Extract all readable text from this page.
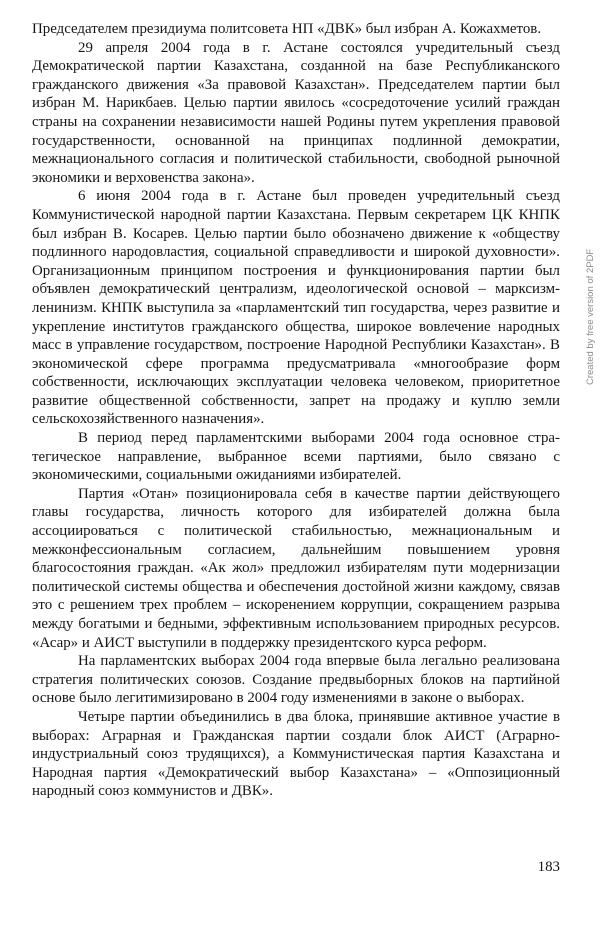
Председателем президиума политсовета НП «ДВК» был избран А. Кожахметов.

29 апреля 2004 года в г. Астане состоялся учредительный съезд Демократической партии Казахстана, созданной на базе Республиканского гражданского движения «За правовой Казахстан». Председателем партии был избран М. Нарикбаев. Целью партии явилось «сосредоточение усилий граждан страны на сохранении независимости нашей Родины путем укрепления правовой государственности, основанной на принципах подлинной демократии, межнационального согласия и политической стабильности, свободной рыночной экономики и верховенства закона».

6 июня 2004 года в г. Астане был проведен учредительный съезд Коммунистической народной партии Казахстана. Первым секретарем ЦК КНПК был избран В. Косарев. Целью партии было обозначено движение к «обществу подлинного народовластия, социальной справедливости и широкой духовности». Организационным принципом построения и функционирования партии был объявлен демократический централизм, идеологической основой – марксизм-ленинизм. КНПК выступила за «парламентский тип государства, через развитие и укрепление институтов гражданского общества, широкое вовлечение народных масс в управление государством, построение Народной Республики Казахстан». В экономической сфере программа предусматривала «многообразие форм собственности, исключающих эксплуатации человека человеком, приоритетное развитие общественной собственности, запрет на продажу и куплю земли сельскохозяйственного назначения».

В период перед парламентскими выборами 2004 года основное стратегическое направление, выбранное всеми партиями, было связано с экономическими, социальными ожиданиями избирателей.

Партия «Отан» позиционировала себя в качестве партии действующего главы государства, личность которого для избирателей должна была ассоциироваться с политической стабильностью, межнациональным и межконфессиональным согласием, дальнейшим повышением уровня благосостояния граждан. «Ак жол» предложил избирателям пути модернизации политической системы общества и обеспечения достойной жизни каждому, связав это с решением трех проблем – искоренением коррупции, сокращением разрыва между богатыми и бедными, эффективным использованием природных ресурсов. «Асар» и АИСТ выступили в поддержку президентского курса реформ.

На парламентских выборах 2004 года впервые была легально реализована стратегия политических союзов. Создание предвыборных блоков на партийной основе было легитимизировано в 2004 году изменениями в законе о выборах.

Четыре партии объединились в два блока, принявшие активное участие в выборах: Аграрная и Гражданская партии создали блок АИСТ (Аграрно-индустриальный союз трудящихся), а Коммунистическая партия Казахстана и Народная партия «Демократический выбор Казахстана» – «Оппозиционный народный союз коммунистов и ДВК».

183
Created by free version of 2PDF
